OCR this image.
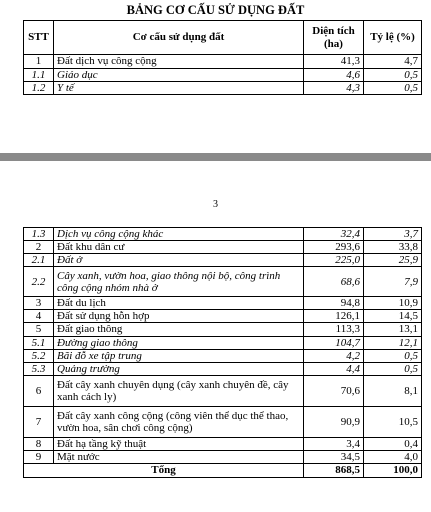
BẢNG CƠ CẤU SỬ DỤNG ĐẤT
STT	Cơ cấu sử dụng đất	Diện tích (ha)	Tỷ lệ (%)
1	Đất dịch vụ công cộng	41,3	4,7
1.1	Giáo dục	4,6	0,5
1.2	Y tế	4,3	0,5
3
1.3	Dịch vụ công cộng khác	32,4	3,7
2	Đất khu dân cư	293,6	33,8
2.1	Đất ở	225,0	25,9
2.2	Cây xanh, vườn hoa, giao thông nội bộ, công trình công cộng nhóm nhà ở	68,6	7,9
3	Đất du lịch	94,8	10,9
4	Đất sử dụng hỗn hợp	126,1	14,5
5	Đất giao thông	113,3	13,1
5.1	Đường giao thông	104,7	12,1
5.2	Bãi đỗ xe tập trung	4,2	0,5
5.3	Quảng trường	4,4	0,5
6	Đất cây xanh chuyên dụng (cây xanh chuyên đề, cây xanh cách ly)	70,6	8,1
7	Đất cây xanh công cộng (công viên thể dục thể thao, vườn hoa, sân chơi công cộng)	90,9	10,5
8	Đất hạ tầng kỹ thuật	3,4	0,4
9	Mặt nước	34,5	4,0
Tổng		868,5	100,0
